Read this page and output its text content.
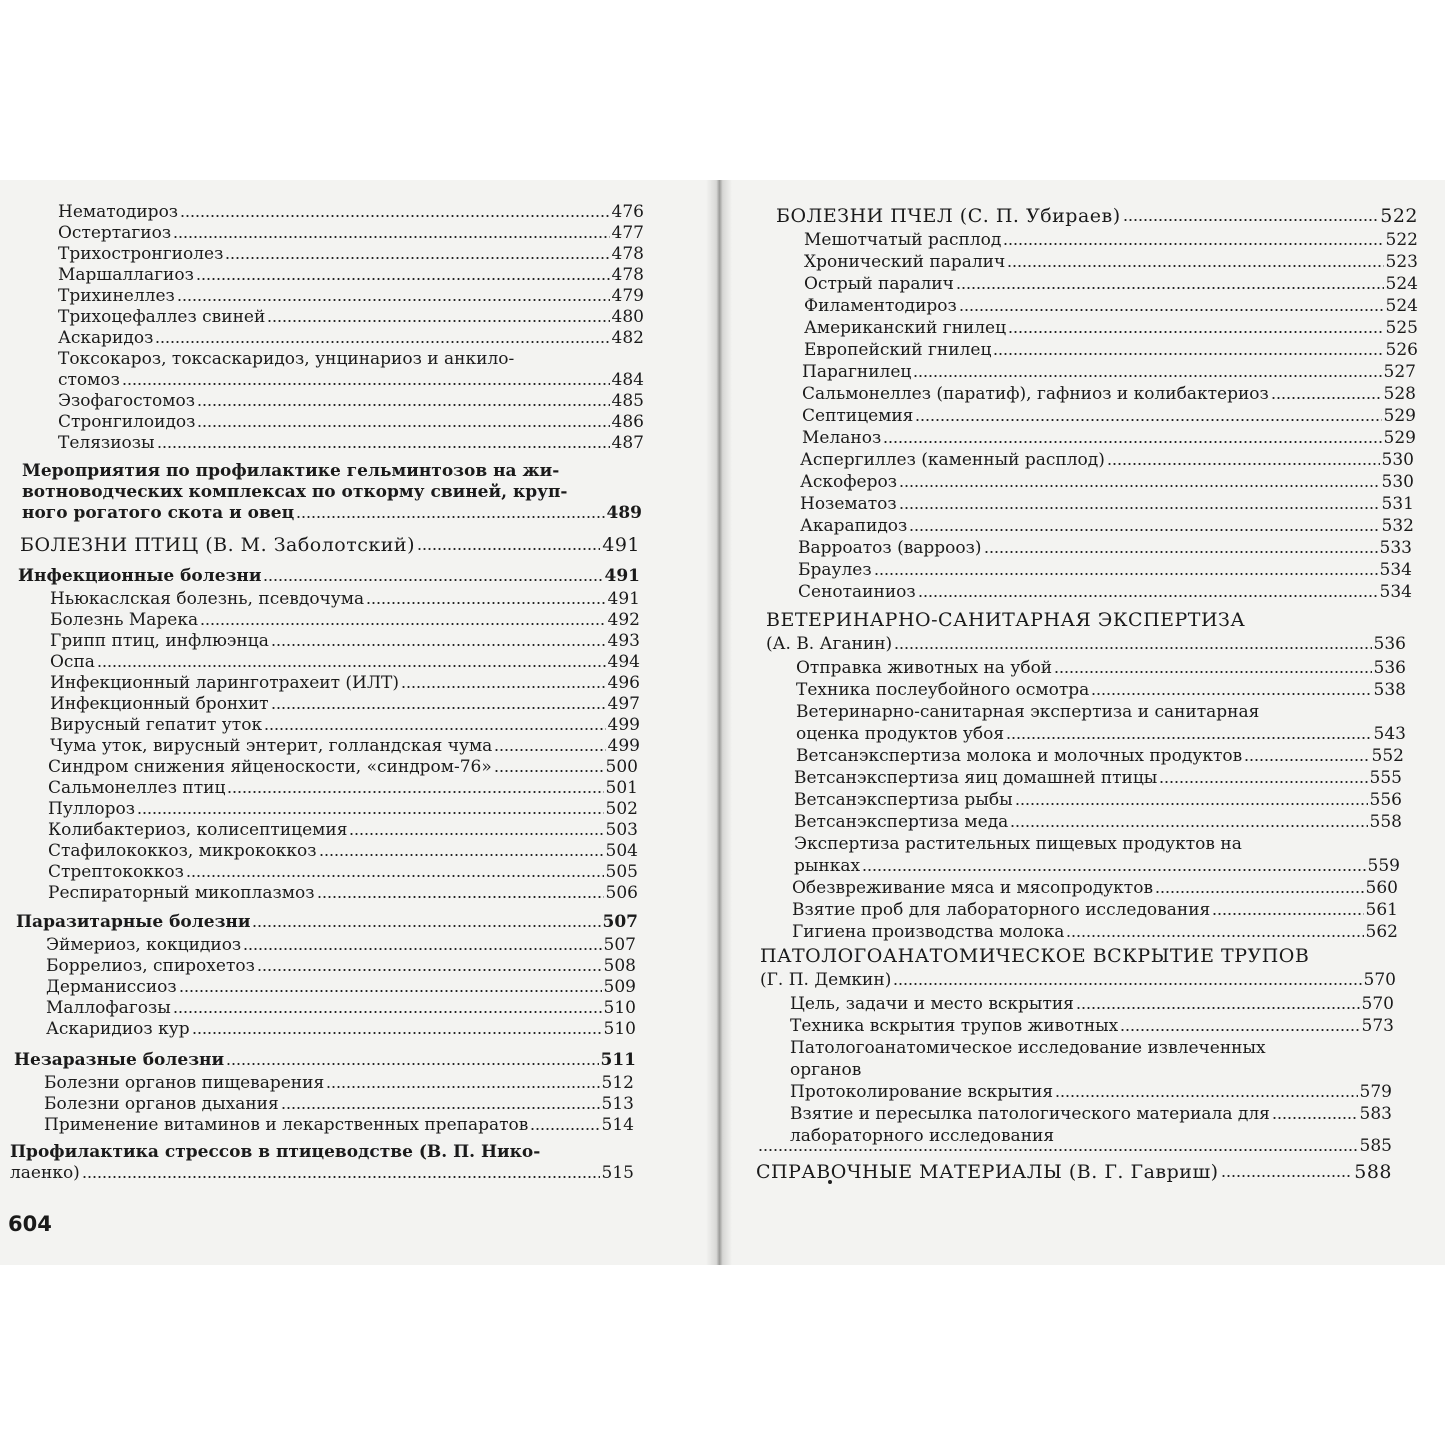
604
Нематодироз	476
Остертагиоз	477
Трихостронгиолез	478
Маршаллагиоз	478
Трихинеллез	479
Трихоцефаллез свиней	480
Аскаридоз	482
Токсокароз, токсаскаридоз, унцинариоз и анкило-
стомоз	484
Эзофагостомоз	485
Стронгилоидоз	486
Телязиозы	487
Мероприятия по профилактике гельминтозов на жи-
вотноводческих комплексах по откорму свиней, круп-
ного рогатого скота и овец	489
БОЛЕЗНИ ПТИЦ (В. М. Заболотский)	491
Инфекционные болезни	491
Ньюкаслская болезнь, псевдочума	491
Болезнь Марека	492
Грипп птиц, инфлюэнца	493
Оспа	494
Инфекционный ларинготрахеит (ИЛТ)	496
Инфекционный бронхит	497
Вирусный гепатит уток	499
Чума уток, вирусный энтерит, голландская чума	499
Синдром снижения яйценоскости, «синдром-76»	500
Сальмонеллез птиц	501
Пуллороз	502
Колибактериоз, колисептицемия	503
Стафилококкоз, микрококкоз	504
Стрептококкоз	505
Респираторный микоплазмоз	506
Паразитарные болезни	507
Эймериоз, кокцидиоз	507
Боррелиоз, спирохетоз	508
Дерманиссиоз	509
Маллофагозы	510
Аскаридиоз кур	510
Незаразные болезни	511
Болезни органов пищеварения	512
Болезни органов дыхания	513
Применение витаминов и лекарственных препаратов	514
Профилактика стрессов в птицеводстве (В. П. Нико-
лаенко)	515
БОЛЕЗНИ ПЧЕЛ (С. П. Убираев)	522
Мешотчатый расплод	522
Хронический паралич	523
Острый паралич	524
Филаментодироз	524
Американский гнилец	525
Европейский гнилец	526
Парагнилец	527
Сальмонеллез (паратиф), гафниоз и колибактериоз	528
Септицемия	529
Меланоз	529
Аспергиллез (каменный расплод)	530
Аскофероз	530
Нозематоз	531
Акарапидоз	532
Варроатоз (варрооз)	533
Браулез	534
Сенотаиниоз	534
ВЕТЕРИНАРНО-САНИТАРНАЯ ЭКСПЕРТИЗА
(А. В. Аганин)	536
Отправка животных на убой	536
Техника послеубойного осмотра	538
Ветеринарно-санитарная экспертиза и санитарная
оценка продуктов убоя	543
Ветсанэкспертиза молока и молочных продуктов	552
Ветсанэкспертиза яиц домашней птицы	555
Ветсанэкспертиза рыбы	556
Ветсанэкспертиза меда	558
Экспертиза растительных пищевых продуктов на
рынках	559
Обезвреживание мяса и мясопродуктов	560
Взятие проб для лабораторного исследования	561
Гигиена производства молока	562
ПАТОЛОГОАНАТОМИЧЕСКОЕ ВСКРЫТИЕ ТРУПОВ
(Г. П. Демкин)	570
Цель, задачи и место вскрытия	570
Техника вскрытия трупов животных	573
Патологоанатомическое исследование извлеченных
органов
Протоколирование вскрытия	579
Взятие и пересылка патологического материала для	583
лабораторного исследования	585
СПРАВОЧНЫЕ МАТЕРИАЛЫ (В. Г. Гавриш)	588
